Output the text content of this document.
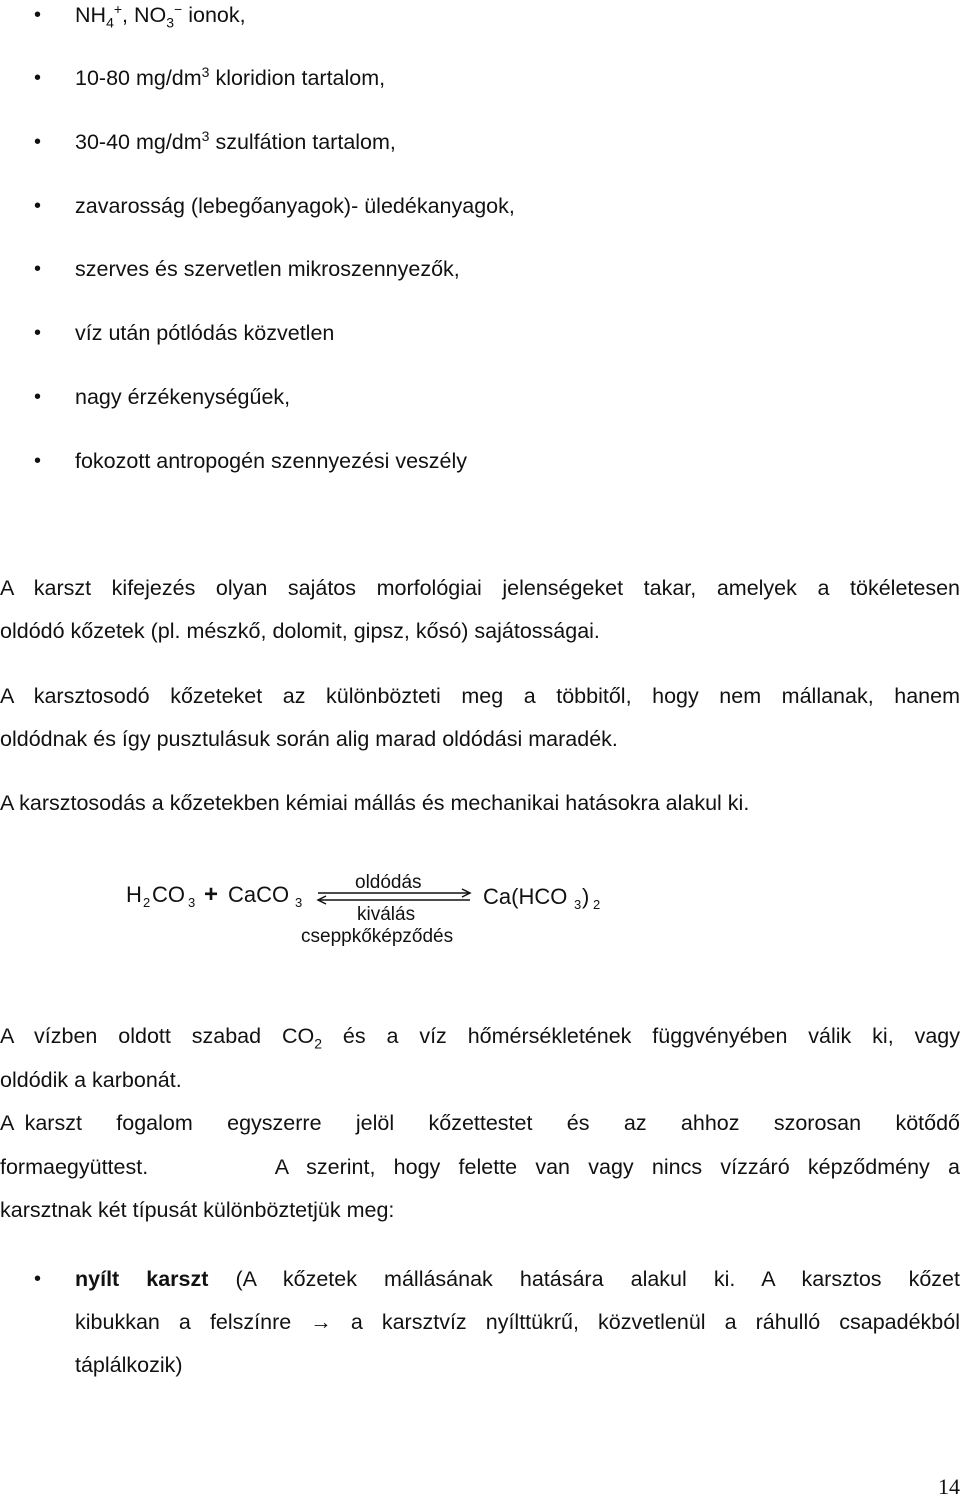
• $NH_4^+$, $NO_3^-$ ionok,
• 10-80 $mg/dm^3$ kloridion tartalom,
• 30-40 $mg/dm^3$ szulfátion tartalom,
• zavarosság (lebegőanyagok)- üledékanyagok,
• szerves és szervetlen mikroszennyezők,
• víz után pótlódás közvetlen
• nagy érzékenységűek,
• fokozott antropogén szennyezési veszély
A karszt kifejezés olyan sajátos morfológiai jelenségeket takar, amelyek a tökéletesen
oldódó kőzetek (pl. mészkő, dolomit, gipsz, kősó) sajátosságai.
A karsztosodó kőzeteket az különbözteti meg a többitől, hogy nem mállanak, hanem
oldódnak és így pusztulásuk során alig marad oldódási maradék.
A karsztosodás a kőzetekben kémiai mállás és mechanikai hatásokra alakul ki.
H 2 CO 3 + CaCO 3
oldódás
kiválás
cseppkőképződés
Ca(HCO 3 ) 2
A vízben oldott szabad $CO_2$ és a víz hőmérsékletének függvényében válik ki, vagy
oldódik a karbonát.
A karszt   fogalom   egyszerre   jelöl   kőzettestet   és   az   ahhoz   szorosan   kötődő
formaegyüttest.       A szerint, hogy felette van vagy nincs vízzáró képződmény a
karsztnak két típusát különböztetjük meg:
• nyílt karszt (A kőzetek mállásának hatására alakul ki. A karsztos kőzet
kibukkan a felszínre → a karsztvíz nyílttükrű, közvetlenül a ráhulló csapadékból
táplálkozik)
14
